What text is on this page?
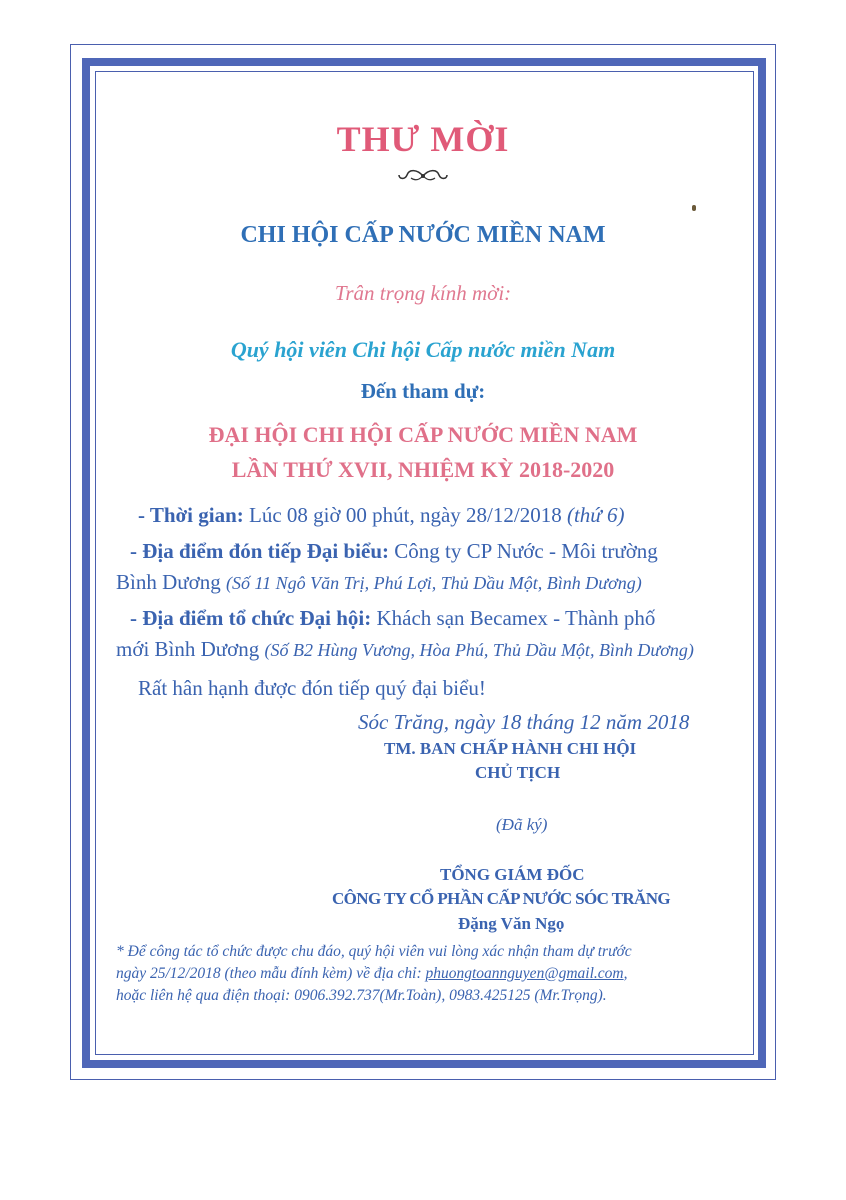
THƯ MỜI
CHI HỘI CẤP NƯỚC MIỀN NAM
Trân trọng kính mời:
Quý hội viên Chi hội Cấp nước miền Nam
Đến tham dự:
ĐẠI HỘI CHI HỘI CẤP NƯỚC MIỀN NAM
LẦN THỨ XVII, NHIỆM KỲ 2018-2020
- Thời gian: Lúc 08 giờ 00 phút, ngày 28/12/2018 (thứ 6)
- Địa điểm đón tiếp Đại biểu: Công ty CP Nước - Môi trường
Bình Dương (Số 11 Ngô Văn Trị, Phú Lợi, Thủ Dầu Một, Bình Dương)
- Địa điểm tổ chức Đại hội: Khách sạn Becamex - Thành phố
mới Bình Dương (Số B2 Hùng Vương, Hòa Phú, Thủ Dầu Một, Bình Dương)
Rất hân hạnh được đón tiếp quý đại biểu!
Sóc Trăng, ngày 18 tháng 12 năm 2018
TM. BAN CHẤP HÀNH CHI HỘI
CHỦ TỊCH
(Đã ký)
TỔNG GIÁM ĐỐC
CÔNG TY CỔ PHẦN CẤP NƯỚC SÓC TRĂNG
Đặng Văn Ngọ
* Để công tác tổ chức được chu đáo, quý hội viên vui lòng xác nhận tham dự trước
ngày 25/12/2018 (theo mẫu đính kèm) về địa chỉ: phuongtoannguyen@gmail.com,
hoặc liên hệ qua điện thoại: 0906.392.737(Mr.Toàn), 0983.425125 (Mr.Trọng).
